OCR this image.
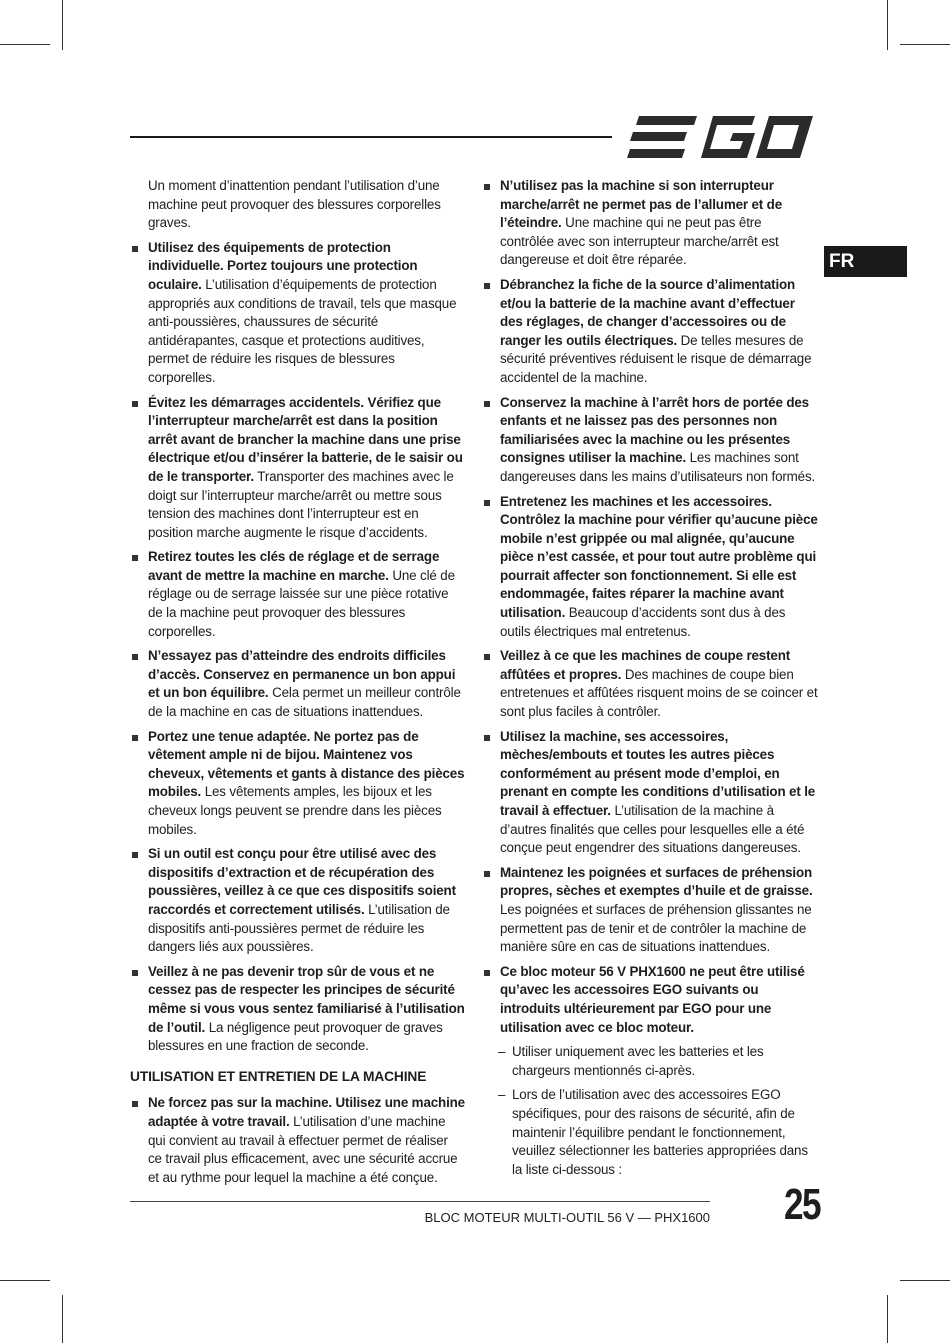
FR

Un moment d’inattention pendant l’utilisation d’une machine peut provoquer des blessures corporelles graves.

Utilisez des équipements de protection individuelle. Portez toujours une protection oculaire. L’utilisation d’équipements de protection appropriés aux conditions de travail, tels que masque anti-poussières, chaussures de sécurité antidérapantes, casque et protections auditives, permet de réduire les risques de blessures corporelles.

Évitez les démarrages accidentels. Vérifiez que l’interrupteur marche/arrêt est dans la position arrêt avant de brancher la machine dans une prise électrique et/ou d’insérer la batterie, de le saisir ou de le transporter. Transporter des machines avec le doigt sur l’interrupteur marche/arrêt ou mettre sous tension des machines dont l’interrupteur est en position marche augmente le risque d’accidents.

Retirez toutes les clés de réglage et de serrage avant de mettre la machine en marche. Une clé de réglage ou de serrage laissée sur une pièce rotative de la machine peut provoquer des blessures corporelles.

N’essayez pas d’atteindre des endroits difficiles d’accès. Conservez en permanence un bon appui et un bon équilibre. Cela permet un meilleur contrôle de la machine en cas de situations inattendues.

Portez une tenue adaptée. Ne portez pas de vêtement ample ni de bijou. Maintenez vos cheveux, vêtements et gants à distance des pièces mobiles. Les vêtements amples, les bijoux et les cheveux longs peuvent se prendre dans les pièces mobiles.

Si un outil est conçu pour être utilisé avec des dispositifs d’extraction et de récupération des poussières, veillez à ce que ces dispositifs soient raccordés et correctement utilisés. L’utilisation de dispositifs anti-poussières permet de réduire les dangers liés aux poussières.

Veillez à ne pas devenir trop sûr de vous et ne cessez pas de respecter les principes de sécurité même si vous vous sentez familiarisé à l’utilisation de l’outil. La négligence peut provoquer de graves blessures en une fraction de seconde.

UTILISATION ET ENTRETIEN DE LA MACHINE

Ne forcez pas sur la machine. Utilisez une machine adaptée à votre travail. L’utilisation d’une machine qui convient au travail à effectuer permet de réaliser ce travail plus efficacement, avec une sécurité accrue et au rythme pour lequel la machine a été conçue.

N’utilisez pas la machine si son interrupteur marche/arrêt ne permet pas de l’allumer et de l’éteindre. Une machine qui ne peut pas être contrôlée avec son interrupteur marche/arrêt est dangereuse et doit être réparée.

Débranchez la fiche de la source d’alimentation et/ou la batterie de la machine avant d’effectuer des réglages, de changer d’accessoires ou de ranger les outils électriques. De telles mesures de sécurité préventives réduisent le risque de démarrage accidentel de la machine.

Conservez la machine à l’arrêt hors de portée des enfants et ne laissez pas des personnes non familiarisées avec la machine ou les présentes consignes utiliser la machine. Les machines sont dangereuses dans les mains d’utilisateurs non formés.

Entretenez les machines et les accessoires. Contrôlez la machine pour vérifier qu’aucune pièce mobile n’est grippée ou mal alignée, qu’aucune pièce n’est cassée, et pour tout autre problème qui pourrait affecter son fonctionnement. Si elle est endommagée, faites réparer la machine avant utilisation. Beaucoup d’accidents sont dus à des outils électriques mal entretenus.

Veillez à ce que les machines de coupe restent affûtées et propres. Des machines de coupe bien entretenues et affûtées risquent moins de se coincer et sont plus faciles à contrôler.

Utilisez la machine, ses accessoires, mèches/embouts et toutes les autres pièces conformément au présent mode d’emploi, en prenant en compte les conditions d’utilisation et le travail à effectuer. L’utilisation de la machine à d’autres finalités que celles pour lesquelles elle a été conçue peut engendrer des situations dangereuses.

Maintenez les poignées et surfaces de préhension propres, sèches et exemptes d’huile et de graisse. Les poignées et surfaces de préhension glissantes ne permettent pas de tenir et de contrôler la machine de manière sûre en cas de situations inattendues.

Ce bloc moteur 56 V PHX1600 ne peut être utilisé qu’avec les accessoires EGO suivants ou introduits ultérieurement par EGO pour une utilisation avec ce bloc moteur.

– Utiliser uniquement avec les batteries et les chargeurs mentionnés ci-après.

– Lors de l’utilisation avec des accessoires EGO spécifiques, pour des raisons de sécurité, afin de maintenir l’équilibre pendant le fonctionnement, veuillez sélectionner les batteries appropriées dans la liste ci-dessous :

BLOC MOTEUR MULTI-OUTIL 56 V — PHX1600 25
